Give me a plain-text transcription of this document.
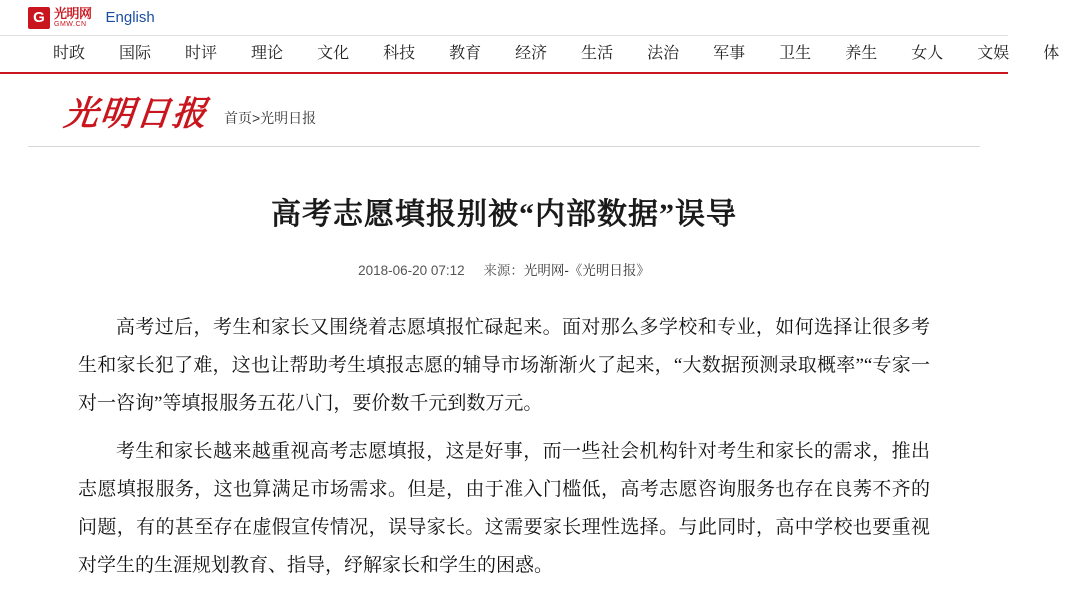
G 光明网
GMW.CN	English
时政	国际	时评	理论	文化	科技	教育	经济	生活	法治	军事	卫生	养生	女人	文娱	体
光明日报 首页>光明日报
高考志愿填报别被“内部数据”误导
2018-06-20 07:12 来源：光明网-《光明日报》

高考过后，考生和家长又围绕着志愿填报忙碌起来。面对那么多学校和专业，如何选择让很多考生和家长犯了难，这也让帮助考生填报志愿的辅导市场渐渐火了起来，“大数据预测录取概率”“专家一对一咨询”等填报服务五花八门，要价数千元到数万元。

考生和家长越来越重视高考志愿填报，这是好事，而一些社会机构针对考生和家长的需求，推出志愿填报服务，这也算满足市场需求。但是，由于准入门槛低，高考志愿咨询服务也存在良莠不齐的问题，有的甚至存在虚假宣传情况，误导家长。这需要家长理性选择。与此同时，高中学校也要重视对学生的生涯规划教育、指导，纾解家长和学生的困惑。
